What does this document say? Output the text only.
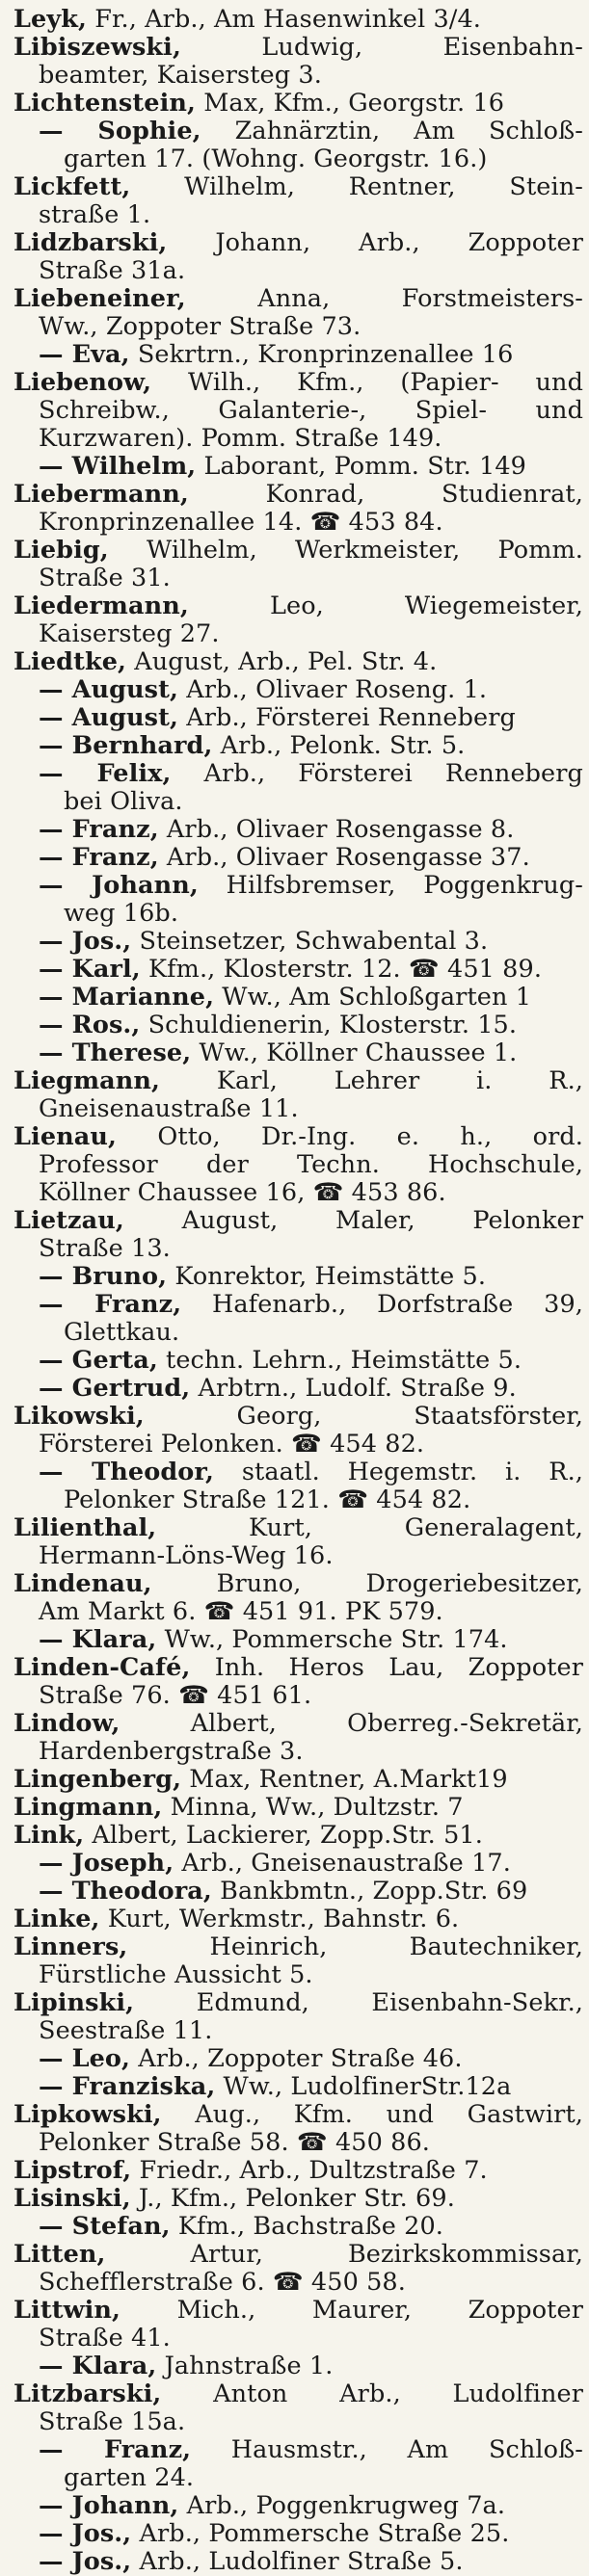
Leyk, Fr., Arb., Am Hasenwinkel 3/4.
Libiszewski,	Ludwig, Eisenbahn-
beamter, Kaisersteg 3.
Lichtenstein, Max, Kfm., Georgstr. 16
— Sophie, Zahnärztin, Am Schloß-
garten 17. (Wohng. Georgstr. 16.)
Lickfett, Wilhelm, Rentner, Stein-
straße 1.
Lidzbarski, Johann, Arb., Zoppoter
Straße 31a.
Liebeneiner,	Anna, Forstmeisters-
Ww., Zoppoter Straße 73.
— Eva, Sekrtrn., Kronprinzenallee 16
Liebenow, Wilh., Kfm., (Papier- und
Schreibw., Galanterie-, Spiel- und
Kurzwaren). Pomm. Straße 149.
— Wilhelm, Laborant, Pomm. Str. 149
Liebermann,	Konrad, Studienrat,
Kronprinzenallee 14. ☎ 453 84.
Liebig, Wilhelm, Werkmeister, Pomm.
Straße 31.
Liedermann,	Leo, Wiegemeister,
Kaisersteg 27.
Liedtke, August, Arb., Pel. Str. 4.
— August, Arb., Olivaer Roseng. 1.
— August, Arb., Försterei Renneberg
— Bernhard, Arb., Pelonk. Str. 5.
— Felix, Arb., Försterei Renneberg
bei Oliva.
— Franz, Arb., Olivaer Rosengasse 8.
— Franz, Arb., Olivaer Rosengasse 37.
— Johann, Hilfsbremser, Poggenkrug-
weg 16b.
— Jos., Steinsetzer, Schwabental 3.
— Karl, Kfm., Klosterstr. 12. ☎ 451 89.
— Marianne, Ww., Am Schloßgarten 1
— Ros., Schuldienerin, Klosterstr. 15.
— Therese, Ww., Köllner Chaussee 1.
Liegmann, Karl, Lehrer i. R.,
Gneisenaustraße 11.
Lienau, Otto, Dr.-Ing. e. h., ord.
Professor der Techn. Hochschule,
Köllner Chaussee 16, ☎ 453 86.
Lietzau, August, Maler, Pelonker
Straße 13.
— Bruno, Konrektor, Heimstätte 5.
— Franz, Hafenarb., Dorfstraße 39,
Glettkau.
— Gerta, techn. Lehrn., Heimstätte 5.
— Gertrud, Arbtrn., Ludolf. Straße 9.
Likowski,	Georg, Staatsförster,
Försterei Pelonken. ☎ 454 82.
— Theodor, staatl. Hegemstr. i. R.,
Pelonker Straße 121. ☎ 454 82.
Lilienthal,	Kurt, Generalagent,
Hermann-Löns-Weg 16.
Lindenau,	Bruno, Drogeriebesitzer,
Am Markt 6. ☎ 451 91. PK 579.
— Klara, Ww., Pommersche Str. 174.
Linden-Café, Inh. Heros Lau, Zoppoter
Straße 76. ☎ 451 61.
Lindow,	Albert, Oberreg.-Sekretär,
Hardenbergstraße 3.
Lingenberg, Max, Rentner, A.Markt19
Lingmann, Minna, Ww., Dultzstr. 7
Link, Albert, Lackierer, Zopp.Str. 51.
— Joseph, Arb., Gneisenaustraße 17.
— Theodora, Bankbmtn., Zopp.Str. 69
Linke, Kurt, Werkmstr., Bahnstr. 6.
Linners,	Heinrich, Bautechniker,
Fürstliche Aussicht 5.
Lipinski,	Edmund, Eisenbahn-Sekr.,
Seestraße 11.
— Leo, Arb., Zoppoter Straße 46.
— Franziska, Ww., LudolfinerStr.12a
Lipkowski, Aug., Kfm. und Gastwirt,
Pelonker Straße 58. ☎ 450 86.
Lipstrof, Friedr., Arb., Dultzstraße 7.
Lisinski, J., Kfm., Pelonker Str. 69.
— Stefan, Kfm., Bachstraße 20.
Litten,	Artur, Bezirkskommissar,
Schefflerstraße 6. ☎ 450 58.
Littwin, Mich., Maurer, Zoppoter
Straße 41.
— Klara, Jahnstraße 1.
Litzbarski, Anton Arb., Ludolfiner
Straße 15a.
— Franz, Hausmstr., Am Schloß-
garten 24.
— Johann, Arb., Poggenkrugweg 7a.
— Jos., Arb., Pommersche Straße 25.
— Jos., Arb., Ludolfiner Straße 5.
